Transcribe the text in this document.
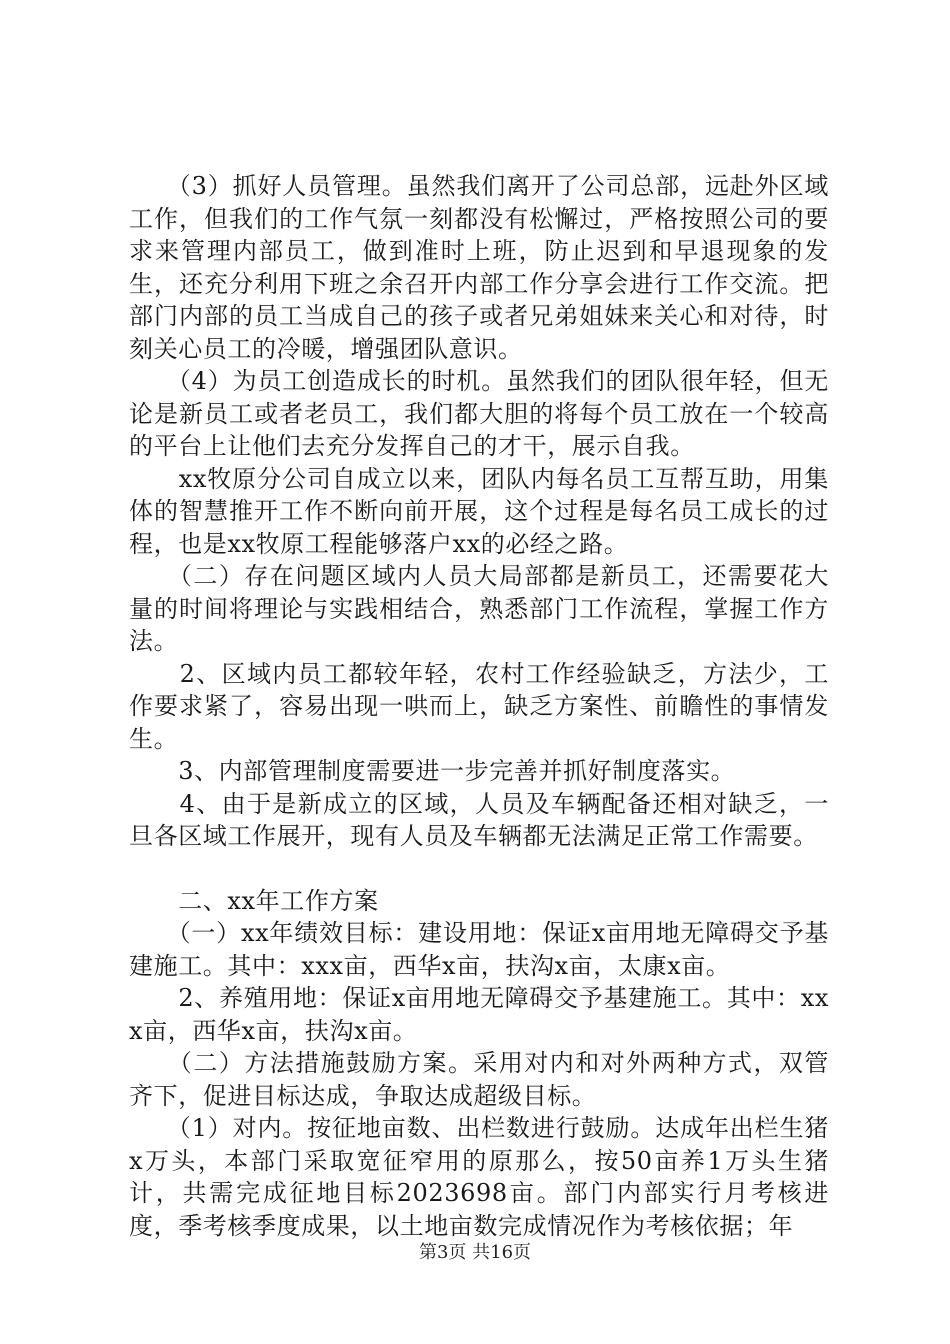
　　（3）抓好人员管理。虽然我们离开了公司总部，远赴外区域工作，但我们的工作气氛一刻都没有松懈过，严格按照公司的要求来管理内部员工，做到准时上班，防止迟到和早退现象的发生，还充分利用下班之余召开内部工作分享会进行工作交流。把部门内部的员工当成自己的孩子或者兄弟姐妹来关心和对待，时刻关心员工的冷暖，增强团队意识。

　　（4）为员工创造成长的时机。虽然我们的团队很年轻，但无论是新员工或者老员工，我们都大胆的将每个员工放在一个较高的平台上让他们去充分发挥自己的才干，展示自我。

　　xx牧原分公司自成立以来，团队内每名员工互帮互助，用集体的智慧推开工作不断向前开展，这个过程是每名员工成长的过程，也是xx牧原工程能够落户xx的必经之路。

　　（二）存在问题区域内人员大局部都是新员工，还需要花大量的时间将理论与实践相结合，熟悉部门工作流程，掌握工作方法。

　　2、区域内员工都较年轻，农村工作经验缺乏，方法少，工作要求紧了，容易出现一哄而上，缺乏方案性、前瞻性的事情发生。

　　3、内部管理制度需要进一步完善并抓好制度落实。

　　4、由于是新成立的区域，人员及车辆配备还相对缺乏，一旦各区域工作展开，现有人员及车辆都无法满足正常工作需要。

　　二、xx年工作方案

　　（一）xx年绩效目标：建设用地：保证x亩用地无障碍交予基建施工。其中：xxx亩，西华x亩，扶沟x亩，太康x亩。

　　2、养殖用地：保证x亩用地无障碍交予基建施工。其中：xxx亩，西华x亩，扶沟x亩。

　　（二）方法措施鼓励方案。采用对内和对外两种方式，双管齐下，促进目标达成，争取达成超级目标。

　　（1）对内。按征地亩数、出栏数进行鼓励。达成年出栏生猪x万头，本部门采取宽征窄用的原那么，按50亩养1万头生猪计，共需完成征地目标2023698亩。部门内部实行月考核进度，季考核季度成果，以土地亩数完成情况作为考核依据；年

第3页 共16页
